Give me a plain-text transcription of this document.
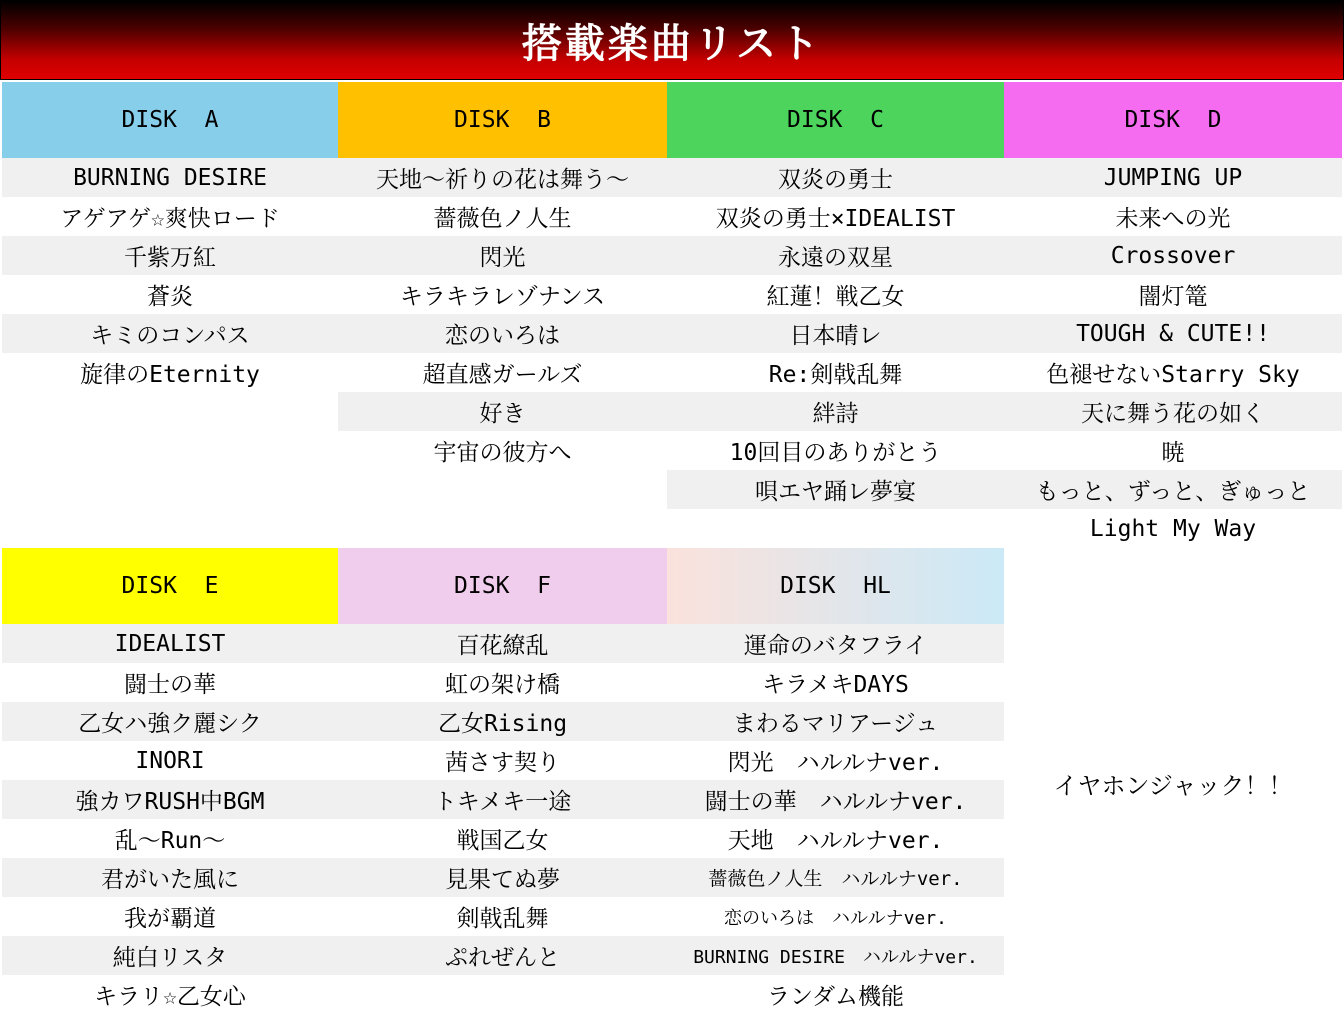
搭載楽曲リスト
DISK  A
BURNING DESIRE
アゲアゲ☆爽快ロード
千紫万紅
蒼炎
キミのコンパス
旋律のEternity
DISK  B
天地～祈りの花は舞う～
薔薇色ノ人生
閃光
キラキラレゾナンス
恋のいろは
超直感ガールズ
好き
宇宙の彼方へ
DISK  C
双炎の勇士
双炎の勇士×IDEALIST
永遠の双星
紅蓮！戦乙女
日本晴レ
Re:剣戟乱舞
絆詩
10回目のありがとう
唄エヤ踊レ夢宴
DISK  D
JUMPING UP
未来への光
Crossover
闇灯篭
TOUGH & CUTE!!
色褪せないStarry Sky
天に舞う花の如く
暁
もっと、ずっと、ぎゅっと
Light My Way
DISK  E
IDEALIST
闘士の華
乙女ハ強ク麗シク
INORI
強カワRUSH中BGM
乱～Run～
君がいた風に
我が覇道
純白リスタ
キラリ☆乙女心
DISK  F
百花繚乱
虹の架け橋
乙女Rising
茜さす契り
トキメキ一途
戦国乙女
見果てぬ夢
剣戟乱舞
ぷれぜんと
DISK  HL
運命のバタフライ
キラメキDAYS
まわるマリアージュ
閃光　ハルルナver.
闘士の華　ハルルナver.
天地　ハルルナver.
薔薇色ノ人生　ハルルナver.
恋のいろは　ハルルナver.
BURNING DESIRE　ハルルナver.
ランダム機能
イヤホンジャック！！
